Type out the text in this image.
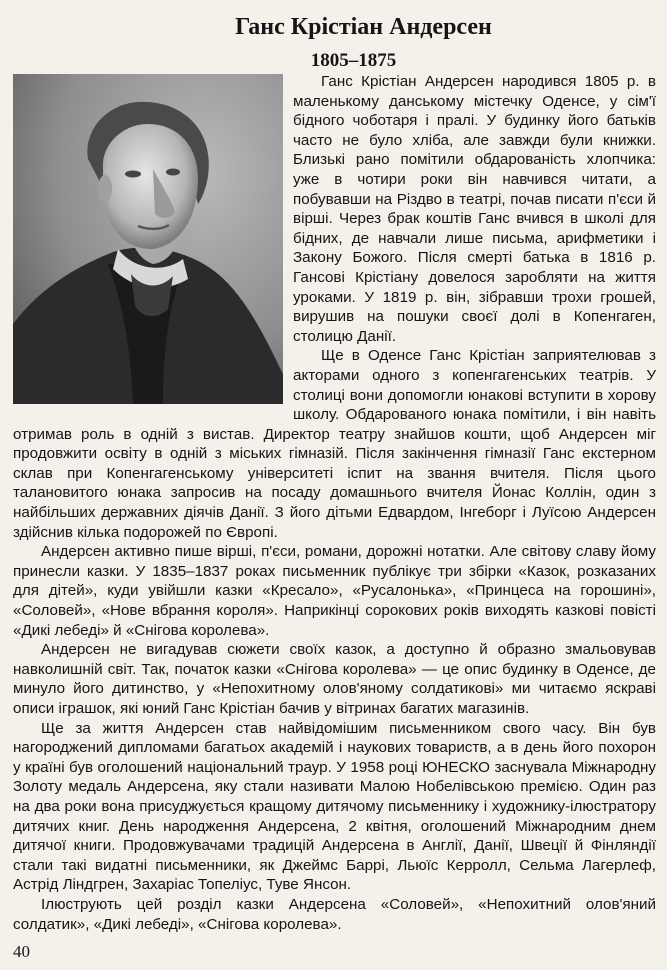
Ганс Крістіан Андерсен
1805–1875

Ганс Крістіан Андерсен народився 1805 р. в маленькому данському містечку Оденсе, у сім'ї бідного чоботаря і пралі. У будинку його батьків часто не було хліба, але завжди були книжки. Близькі рано помітили обдарованість хлопчика: уже в чотири роки він навчився читати, а побувавши на Різдво в театрі, почав писати п'єси й вірші. Через брак коштів Ганс вчився в школі для бідних, де навчали лише письма, арифметики і Закону Божого. Після смерті батька в 1816 р. Гансові Крістіану довелося заробляти на життя уроками. У 1819 р. він, зібравши трохи грошей, вирушив на пошуки своєї долі в Копенгаген, столицю Данії.

Ще в Оденсе Ганс Крістіан заприятелював з акторами одного з копенгагенських театрів. У столиці вони допомогли юнакові вступити в хорову школу. Обдарованого юнака помітили, і він навіть отримав роль в одній з вистав. Директор театру знайшов кошти, щоб Андерсен міг продовжити освіту в одній з міських гімназій. Після закінчення гімназії Ганс екстерном склав при Копенгагенському університеті іспит на звання вчителя. Після цього талановитого юнака запросив на посаду домашнього вчителя Йонас Коллін, один з найбільших державних діячів Данії. З його дітьми Едвардом, Інгеборг і Луїсою Андерсен здійснив кілька подорожей по Європі.

Андерсен активно пише вірші, п'єси, романи, дорожні нотатки. Але світову славу йому принесли казки. У 1835–1837 роках письменник публікує три збірки «Казок, розказаних для дітей», куди увійшли казки «Кресало», «Русалонька», «Принцеса на горошині», «Соловей», «Нове вбрання короля». Наприкінці сорокових років виходять казкові повісті «Дикі лебеді» й «Снігова королева».

Андерсен не вигадував сюжети своїх казок, а доступно й образно змальовував навколишній світ. Так, початок казки «Снігова королева» — це опис будинку в Оденсе, де минуло його дитинство, у «Непохитному олов'яному солдатикові» ми читаємо яскраві описи іграшок, які юний Ганс Крістіан бачив у вітринах багатих магазинів.

Ще за життя Андерсен став найвідомішим письменником свого часу. Він був нагороджений дипломами багатьох академій і наукових товариств, а в день його похорон у країні був оголошений національний траур. У 1958 році ЮНЕСКО заснувала Міжнародну Золоту медаль Андерсена, яку стали називати Малою Нобелівською премією. Один раз на два роки вона присуджується кращому дитячому письменнику і художнику-ілюстратору дитячих книг. День народження Андерсена, 2 квітня, оголошений Міжнародним днем дитячої книги. Продовжувачами традицій Андерсена в Англії, Данії, Швеції й Фінляндії стали такі видатні письменники, як Джеймс Баррі, Льюїс Керролл, Сельма Лагерлеф, Астрід Ліндгрен, Захаріас Топеліус, Туве Янсон.

Ілюструють цей розділ казки Андерсена «Соловей», «Непохитний олов'яний солдатик», «Дикі лебеді», «Снігова королева».

40
